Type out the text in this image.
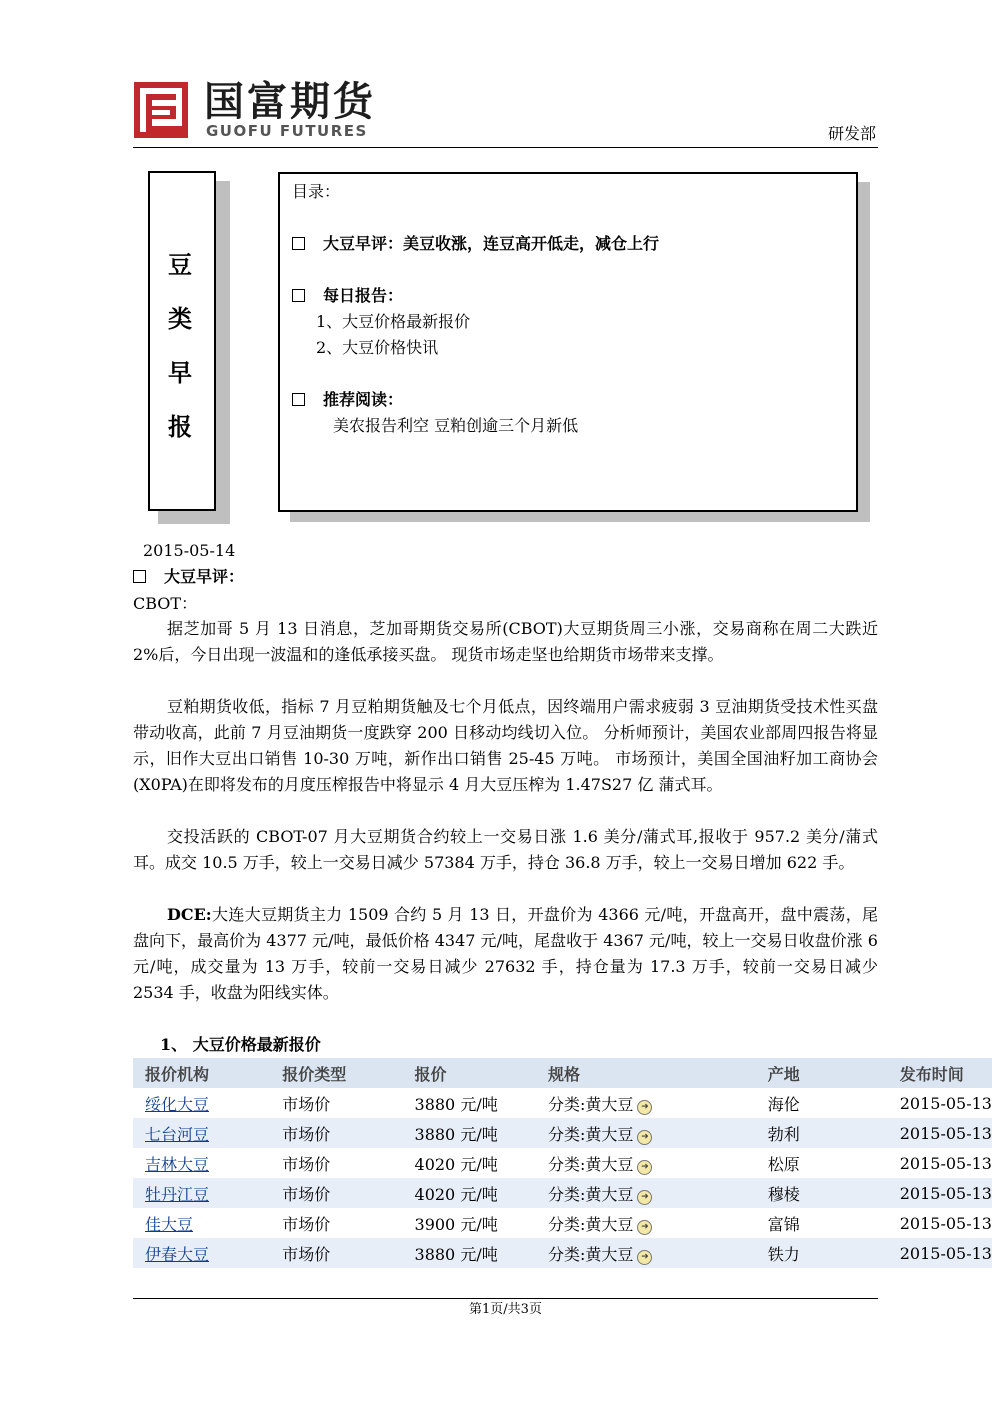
国富期货
GUOFU FUTURES	研发部
豆
类
早
报
目录：
大豆早评：美豆收涨，连豆高开低走，减仓上行
每日报告：
1、大豆价格最新报价
2、大豆价格快讯
推荐阅读：
美农报告利空 豆粕创逾三个月新低
2015-05-14
大豆早评：
CBOT：
据芝加哥 5 月 13 日消息，芝加哥期货交易所(CBOT)大豆期货周三小涨，交易商称在周二大跌近 2%后，今日出现一波温和的逢低承接买盘。 现货市场走坚也给期货市场带来支撑。
豆粕期货收低，指标 7 月豆粕期货触及七个月低点，因终端用户需求疲弱 3 豆油期货受技术性买盘带动收高，此前 7 月豆油期货一度跌穿 200 日移动均线切入位。 分析师预计，美国农业部周四报告将显示，旧作大豆出口销售 10-30 万吨，新作出口销售 25-45 万吨。 市场预计，美国全国油籽加工商协会(X0PA)在即将发布的月度压榨报告中将显示 4 月大豆压榨为 1.47S27 亿 蒲式耳。
交投活跃的 CBOT-07 月大豆期货合约较上一交易日涨 1.6 美分/蒲式耳,报收于 957.2 美分/蒲式耳。成交 10.5 万手，较上一交易日减少 57384 万手，持仓 36.8 万手，较上一交易日增加 622 手。
DCE:大连大豆期货主力 1509 合约 5 月 13 日，开盘价为 4366 元/吨，开盘高开，盘中震荡，尾盘向下，最高价为 4377 元/吨，最低价格 4347 元/吨，尾盘收于 4367 元/吨，较上一交易日收盘价涨 6 元/吨，成交量为 13 万手，较前一交易日减少 27632 手，持仓量为 17.3 万手，较前一交易日减少 2534 手，收盘为阳线实体。
1、 大豆价格最新报价
报价机构	报价类型	报价	规格	产地	发布时间
绥化大豆	市场价	3880 元/吨	分类:黄大豆 ➜	海伦	2015-05-13
七台河豆	市场价	3880 元/吨	分类:黄大豆 ➜	勃利	2015-05-13
吉林大豆	市场价	4020 元/吨	分类:黄大豆 ➜	松原	2015-05-13
牡丹江豆	市场价	4020 元/吨	分类:黄大豆 ➜	穆棱	2015-05-13
佳大豆	市场价	3900 元/吨	分类:黄大豆 ➜	富锦	2015-05-13
伊春大豆	市场价	3880 元/吨	分类:黄大豆 ➜	铁力	2015-05-13
第1页/共3页
